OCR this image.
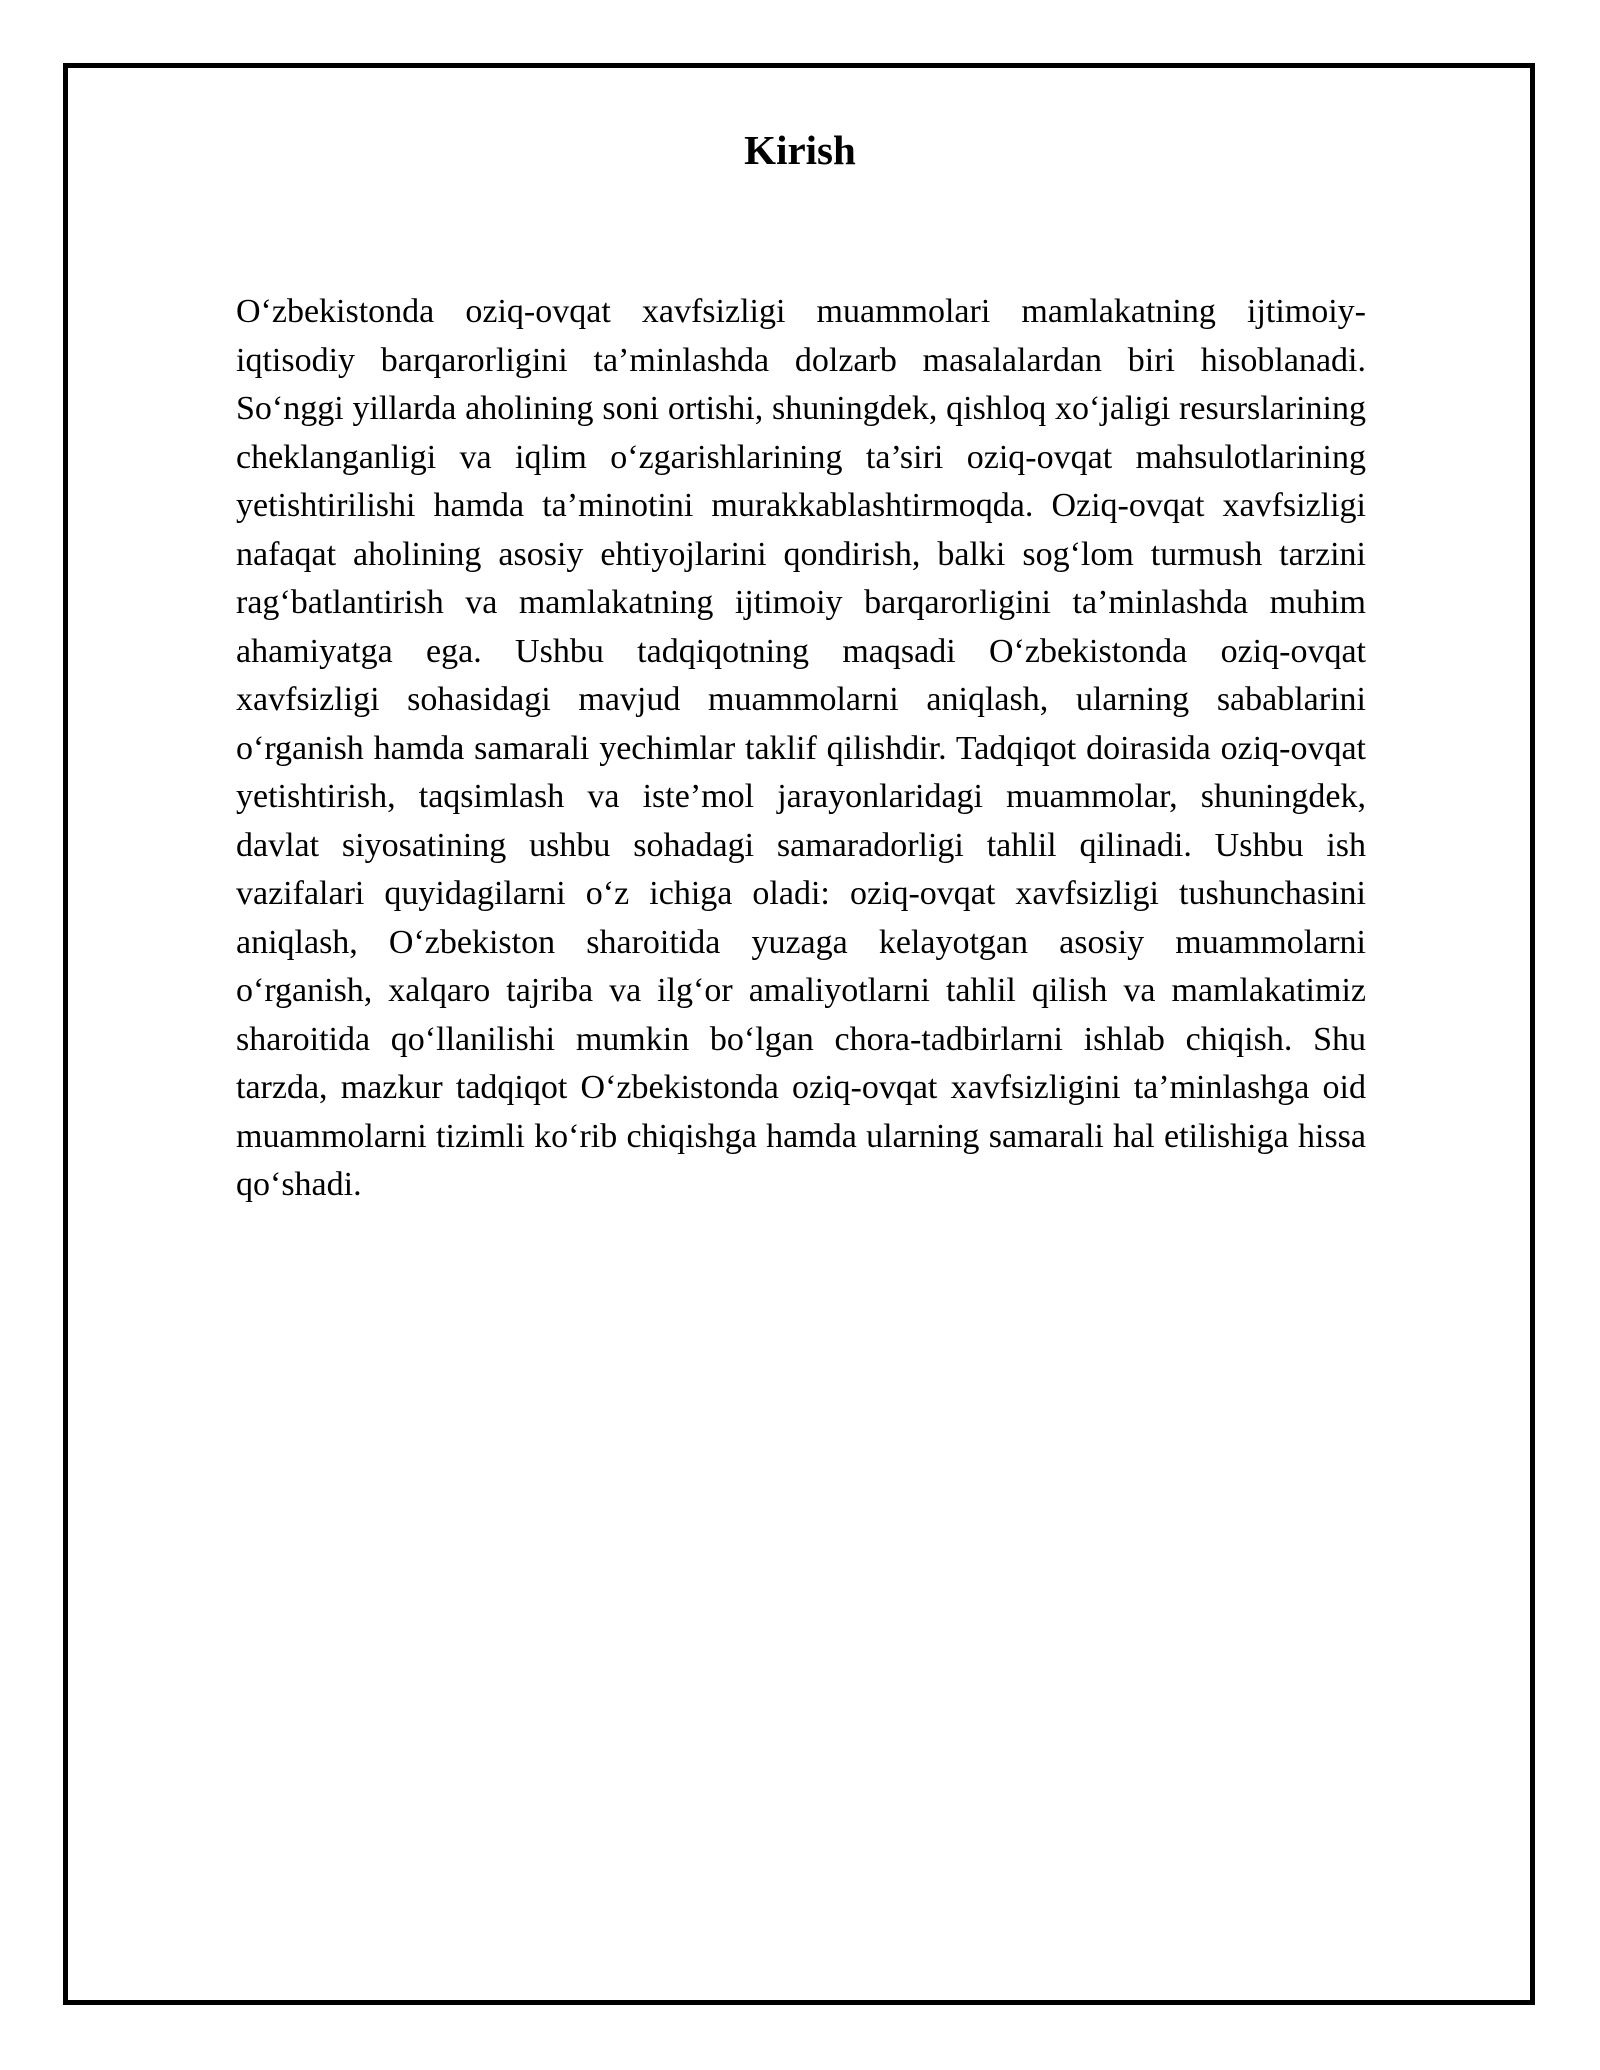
Kirish

O‘zbekistonda oziq-ovqat xavfsizligi muammolari mamlakatning ijtimoiy-iqtisodiy barqarorligini ta’minlashda dolzarb masalalardan biri hisoblanadi. So‘nggi yillarda aholining soni ortishi, shuningdek, qishloq xo‘jaligi resurslarining cheklanganligi va iqlim o‘zgarishlarining ta’siri oziq-ovqat mahsulotlarining yetishtirilishi hamda ta’minotini murakkablashtirmoqda. Oziq-ovqat xavfsizligi nafaqat aholining asosiy ehtiyojlarini qondirish, balki sog‘lom turmush tarzini rag‘batlantirish va mamlakatning ijtimoiy barqarorligini ta’minlashda muhim ahamiyatga ega. Ushbu tadqiqotning maqsadi O‘zbekistonda oziq-ovqat xavfsizligi sohasidagi mavjud muammolarni aniqlash, ularning sabablarini o‘rganish hamda samarali yechimlar taklif qilishdir. Tadqiqot doirasida oziq-ovqat yetishtirish, taqsimlash va iste’mol jarayonlaridagi muammolar, shuningdek, davlat siyosatining ushbu sohadagi samaradorligi tahlil qilinadi. Ushbu ish vazifalari quyidagilarni o‘z ichiga oladi: oziq-ovqat xavfsizligi tushunchasini aniqlash, O‘zbekiston sharoitida yuzaga kelayotgan asosiy muammolarni o‘rganish, xalqaro tajriba va ilg‘or amaliyotlarni tahlil qilish va mamlakatimiz sharoitida qo‘llanilishi mumkin bo‘lgan chora-tadbirlarni ishlab chiqish. Shu tarzda, mazkur tadqiqot O‘zbekistonda oziq-ovqat xavfsizligini ta’minlashga oid muammolarni tizimli ko‘rib chiqishga hamda ularning samarali hal etilishiga hissa qo‘shadi.
